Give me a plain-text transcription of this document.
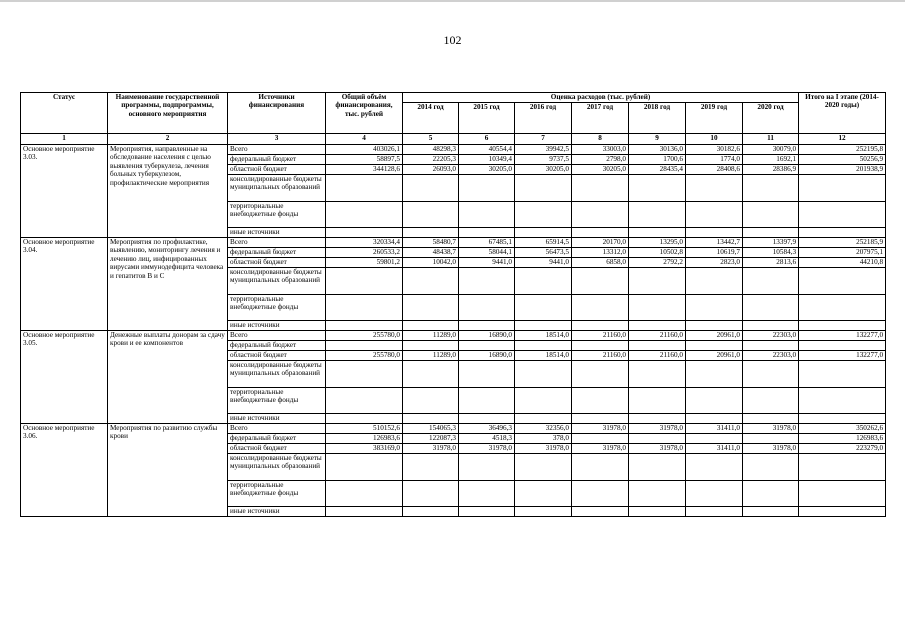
102
Статус	Наименование государственной программы, подпрограммы, основного мероприятия	Источники финансирования	Общий объём финансирования, тыс. рублей	Оценка расходов (тыс. рублей)							Итого на I этапе (2014-2020 годы)
				2014 год	2015 год	2016 год	2017 год	2018 год	2019 год	2020 год	
1	2	3	4	5	6	7	8	9	10	11	12
Основное мероприятие 3.03.	Мероприятия, направленные на обследование населения с целью выявления туберкулеза, лечения больных туберкулезом, профилактические мероприятия	Всего	403026,1	48298,3	40554,4	39942,5	33003,0	30136,0	30182,6	30079,0	252195,8
		федеральный бюджет	58897,5	22205,3	10349,4	9737,5	2798,0	1700,6	1774,0	1692,1	50256,9
		областной бюджет	344128,6	26093,0	30205,0	30205,0	30205,0	28435,4	28408,6	28386,9	201938,9
		консолидированные бюджеты муниципальных образований									
		территориальные внебюджетные фонды									
		иные источники									
Основное мероприятие 3.04.	Мероприятия по профилактике, выявлению, мониторингу лечения и лечению лиц, инфицированных вирусами иммунодефицита человека и гепатитов В и С	Всего	320334,4	58480,7	67485,1	65914,5	20170,0	13295,0	13442,7	13397,9	252185,9
		федеральный бюджет	260533,2	48438,7	58044,1	56473,5	13312,0	10502,8	10619,7	10584,3	207975,1
		областной бюджет	59801,2	10042,0	9441,0	9441,0	6858,0	2792,2	2823,0	2813,6	44210,8
		консолидированные бюджеты муниципальных образований									
		территориальные внебюджетные фонды									
		иные источники									
Основное мероприятие 3.05.	Денежные выплаты донорам за сдачу крови и ее компонентов	Всего	255780,0	11289,0	16890,0	18514,0	21160,0	21160,0	20961,0	22303,0	132277,0
		федеральный бюджет									
		областной бюджет	255780,0	11289,0	16890,0	18514,0	21160,0	21160,0	20961,0	22303,0	132277,0
		консолидированные бюджеты муниципальных образований									
		территориальные внебюджетные фонды									
		иные источники									
Основное мероприятие 3.06.	Мероприятия по развитию службы крови	Всего	510152,6	154065,3	36496,3	32356,0	31978,0	31978,0	31411,0	31978,0	350262,6
		федеральный бюджет	126983,6	122087,3	4518,3	378,0					126983,6
		областной бюджет	383169,0	31978,0	31978,0	31978,0	31978,0	31978,0	31411,0	31978,0	223279,0
		консолидированные бюджеты муниципальных образований									
		территориальные внебюджетные фонды									
		иные источники									
